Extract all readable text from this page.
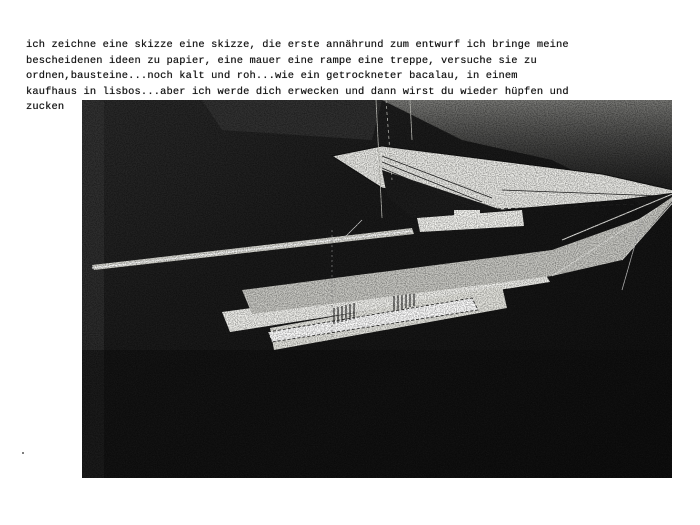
ich zeichne eine skizze eine skizze, die erste annährund zum entwurf ich bringe meine
bescheidenen ideen zu papier, eine mauer eine rampe eine treppe, versuche sie zu
ordnen,bausteine...noch kalt und roh...wie ein getrockneter bacalau, in einem
kaufhaus in lisbos...aber ich werde dich erwecken und dann wirst du wieder hüpfen und
zucken
